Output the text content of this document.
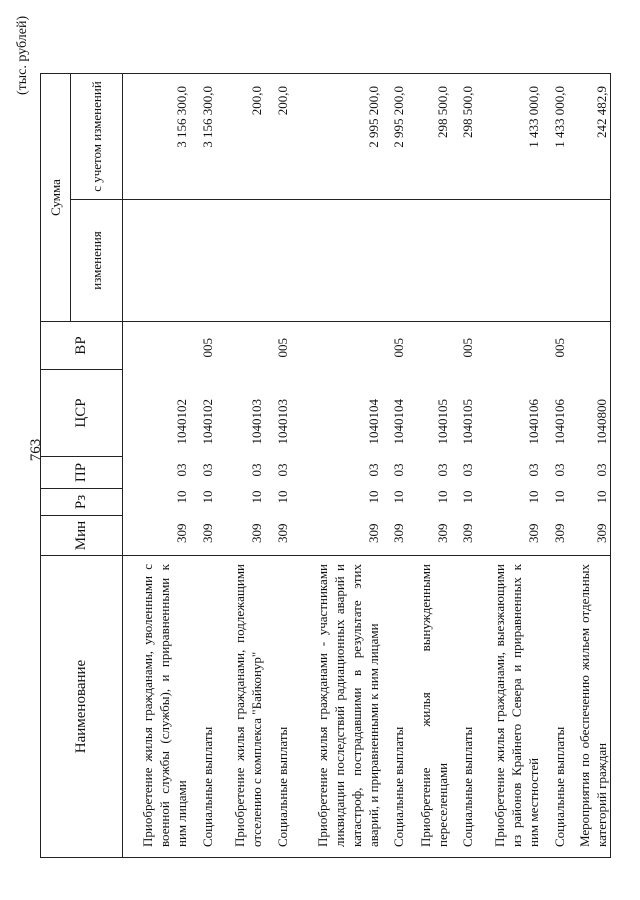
763
(тыс. рублей)
Наименование	Мин	Рз	ПР	ЦСР	ВР	Сумма	
						изменения	с учетом изменений
Приобретение жилья гражданами, уволенными с военной службы (службы), и приравненными к ним лицами	309	10	03	1040102			3 156 300,0
Социальные выплаты	309	10	03	1040102	005		3 156 300,0
Приобретение жилья гражданами, подлежащими отселению с комплекса "Байконур"	309	10	03	1040103			200,0
Социальные выплаты	309	10	03	1040103	005		200,0
Приобретение жилья гражданами - участниками ликвидации последствий радиационных аварий и катастроф, пострадавшими в результате этих аварий, и приравненными к ним лицами	309	10	03	1040104			2 995 200,0
Социальные выплаты	309	10	03	1040104	005		2 995 200,0
Приобретение жилья вынужденными переселенцами	309	10	03	1040105			298 500,0
Социальные выплаты	309	10	03	1040105	005		298 500,0
Приобретение жилья гражданами, выезжающими из районов Крайнего Севера и приравненных к ним местностей	309	10	03	1040106			1 433 000,0
Социальные выплаты	309	10	03	1040106	005		1 433 000,0
Мероприятия по обеспечению жильем отдельных категорий граждан	309	10	03	1040800			242 482,9
